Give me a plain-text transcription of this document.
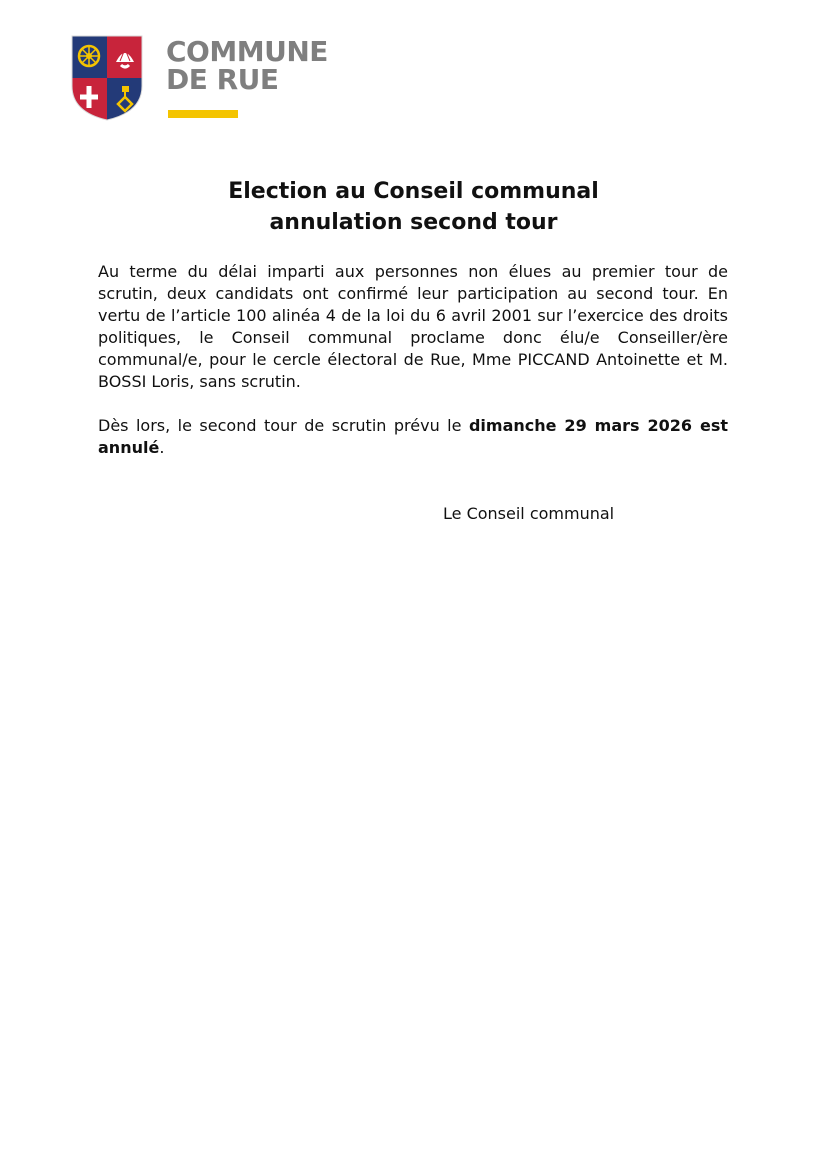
COMMUNE
DE RUE
Election au Conseil communal
annulation second tour
Au terme du délai imparti aux personnes non élues au premier tour de scrutin, deux candidats ont confirmé leur participation au second tour. En vertu de l’article 100 alinéa 4 de la loi du 6 avril 2001 sur l’exercice des droits politiques, le Conseil communal proclame donc élu/e Conseiller/ère communal/e, pour le cercle électoral de Rue, Mme PICCAND Antoinette et M. BOSSI Loris, sans scrutin.
Dès lors, le second tour de scrutin prévu le dimanche 29 mars 2026 est annulé.
Le Conseil communal
